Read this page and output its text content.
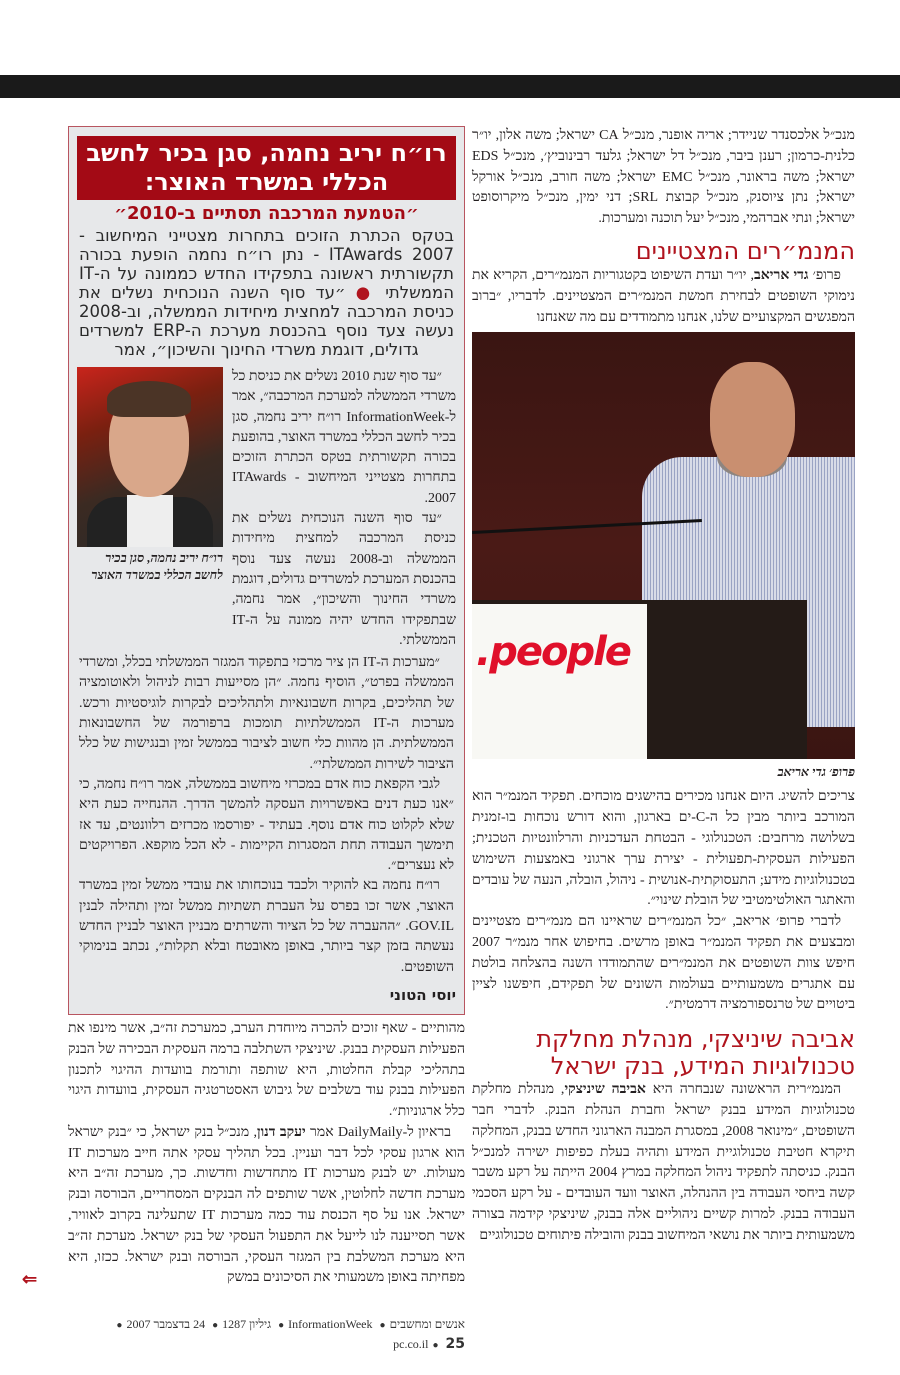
מנכ״ל אלכסנדר שניידר; אריה אופנר, מנכ״ל CA ישראל; משה אלון, יו״ר כלנית-כרמון; רענן ביבר, מנכ״ל דל ישראל; גלעד רבינוביץ׳, מנכ״ל EDS ישראל; משה בראונר, מנכ״ל EMC ישראל; משה חורב, מנכ״ל אורקל ישראל; נתן ציוסנק, מנכ״ל קבוצת SRL; דני ימין, מנכ״ל מיקרוסופט ישראל; ונתי אברהמי, מנכ״ל יעל תוכנה ומערכות.

המנמ״רים המצטיינים

פרופ׳ גדי אריאב, יו״ר ועדת השיפוט בקטגוריות המנמ״רים, הקריא את נימוקי השופטים לבחירת חמשת המנמ״רים המצטיינים. לדבריו, ״ברוב המפגשים המקצועיים שלנו, אנחנו מתמודדים עם מה שאנחנו

people.
פרופ׳ גדי אריאב

צריכים להשיג. היום אנחנו מכירים בהישגים מוכחים. תפקיד המנמ״ר הוא המורכב ביותר מבין כל ה-C-ים בארגון, והוא דורש נוכחות בו-זמנית בשלושה מרחבים: הטכנולוגי - הבטחת העדכניות והרלוונטיות הטכנית; הפעילות העסקית-תפעולית - יצירת ערך ארגוני באמצעות השימוש בטכנולוגיות מידע; התעסוקתית-אנושית - ניהול, הובלה, הנעה של עובדים והאתגר האולטימטיבי של הובלת שינוי״.

לדברי פרופ׳ אריאב, ״כל המנמ״רים שראיינו הם מנמ״רים מצטיינים ומבצעים את תפקיד המנמ״ר באופן מרשים. בחיפוש אחר מנמ״ר 2007 חיפש צוות השופטים את המנמ״רים שהתמודדו השנה בהצלחה בולטת עם אתגרים משמעותיים בעולמות השונים של תפקידם, חיפשנו לציין ביטויים של טרנספורמציה דרמטית״.

אביבה שיניצקי, מנהלת מחלקת טכנולוגיות המידע, בנק ישראל

המנמ״רית הראשונה שנבחרה היא אביבה שיניצקי, מנהלת מחלקת טכנולוגיות המידע בבנק ישראל וחברת הנהלת הבנק. לדברי חבר השופטים, ״מינואר 2008, במסגרת המבנה הארגוני החדש בבנק, המחלקה תיקרא חטיבת טכנולוגיית המידע ותהיה בעלת כפיפות ישירה למנכ״ל הבנק. כניסתה לתפקיד ניהול המחלקה במרץ 2004 הייתה על רקע משבר קשה ביחסי העבודה בין ההנהלה, האוצר וועד העובדים - על רקע הסכמי העבודה בבנק. למרות קשיים ניהוליים אלה בבנק, שיניצקי קידמה בצורה משמעותית ביותר את נושאי המיחשוב בבנק והובילה פיתוחים טכנולוגיים

רו״ח יריב נחמה, סגן בכיר לחשב הכללי במשרד האוצר:
״הטמעת המרכבה תסתיים ב-2010״
בטקס הכתרת הזוכים בתחרות מצטייני המיחשוב - ITAwards 2007 - נתן רו״ח נחמה הופעת בכורה תקשורתית ראשונה בתפקידו החדש כממונה על ה-IT הממשלתי ● ״עד סוף השנה הנוכחית נשלים את כניסת המרכבה למחצית מיחידות הממשלה, וב-2008 נעשה צעד נוסף בהכנסת מערכת ה-ERP למשרדים גדולים, דוגמת משרדי החינוך והשיכון״, אמר
רו״ח יריב נחמה, סגן בכיר לחשב הכללי במשרד האוצר

״עד סוף שנת 2010 נשלים את כניסת כל משרדי הממשלה למערכת המרכבה״, אמר ל-InformationWeek רו״ח יריב נחמה, סגן בכיר לחשב הכללי במשרד האוצר, בהופעת בכורה תקשורתית בטקס הכתרת הזוכים בתחרות מצטייני המיחשוב - ITAwards 2007.

״עד סוף השנה הנוכחית נשלים את כניסת המרכבה למחצית מיחידות הממשלה וב-2008 נעשה צעד נוסף בהכנסת המערכת למשרדים גדולים, דוגמת משרדי החינוך והשיכון״, אמר נחמה, שבתפקידו החדש יהיה ממונה על ה-IT הממשלתי.

״מערכות ה-IT הן ציר מרכזי בתפקוד המגזר הממשלתי בכלל, ומשרדי הממשלה בפרט״, הוסיף נחמה. ״הן מסייעות רבות לניהול ולאוטומציה של תהליכים, בקרות חשבונאיות ולתהליכים לבקרות לוגיסטיות ורכש. מערכות ה-IT הממשלתיות תומכות ברפורמה של החשבונאות הממשלתית. הן מהוות כלי חשוב לציבור בממשל זמין ובנגישות של כלל הציבור לשירות הממשלתי״.

לגבי הקפאת כוח אדם במכרזי מיחשוב בממשלה, אמר רו״ח נחמה, כי ״אנו כעת דנים באפשרויות העסקה להמשך הדרך. ההנחייה כעת היא שלא לקלוט כוח אדם נוסף. בעתיד - יפורסמו מכרזים רלוונטים, עד אז תימשך העבודה תחת המסגרות הקיימות - לא הכל מוקפא. הפרויקטים לא נעצרים״.

רו״ח נחמה בא להוקיר ולכבד בנוכחותו את עובדי ממשל זמין במשרד האוצר, אשר זכו בפרס על העברת תשתיות ממשל זמין ותהילה לבנין GOV.IL. ״ההעברה של כל הציוד והשרתים מבניין האוצר לבניין החדש נעשתה בזמן קצר ביותר, באופן מאובטח ובלא תקלות״, נכתב בנימוקי השופטים.

יוסי הטוני

מהותיים - שאף זוכים להכרה מיוחדת הערב, כמערכת זה״ב, אשר מינפו את הפעילות העסקית בבנק. שיניצקי השתלבה ברמה העסקית הבכירה של הבנק בתהליכי קבלת החלטות, היא שותפה ותורמת בוועדות ההיגוי לתכנון הפעילות בבנק עוד בשלבים של גיבוש האסטרטגיה העסקית, בוועדות היגוי כלל ארגוניות״.

בראיון ל-DailyMaily אמר יעקב דנון, מנכ״ל בנק ישראל, כי ״בנק ישראל הוא ארגון עסקי לכל דבר ועניין. בכל תהליך עסקי אתה חייב מערכות IT מעולות. יש לבנק מערכות IT מתחדשות וחדשות. כך, מערכת זה״ב היא מערכת חדשה לחלוטין, אשר שותפים לה הבנקים המסחריים, הבורסה ובנק ישראל. אנו על סף הכנסת עוד כמה מערכות IT שתעלינה בקרוב לאוויר, אשר תסייענה לנו לייעל את התפעול העסקי של בנק ישראל. מערכת זה״ב היא מערכת המשלבת בין המגזר העסקי, הבורסה ובנק ישראל. ככזו, היא מפחיתה באופן משמעותי את הסיכונים במשק
⇐

אנשים ומחשבים● InformationWeek● גיליון 1287● 24 בדצמבר 2007● pc.co.il ● 25
